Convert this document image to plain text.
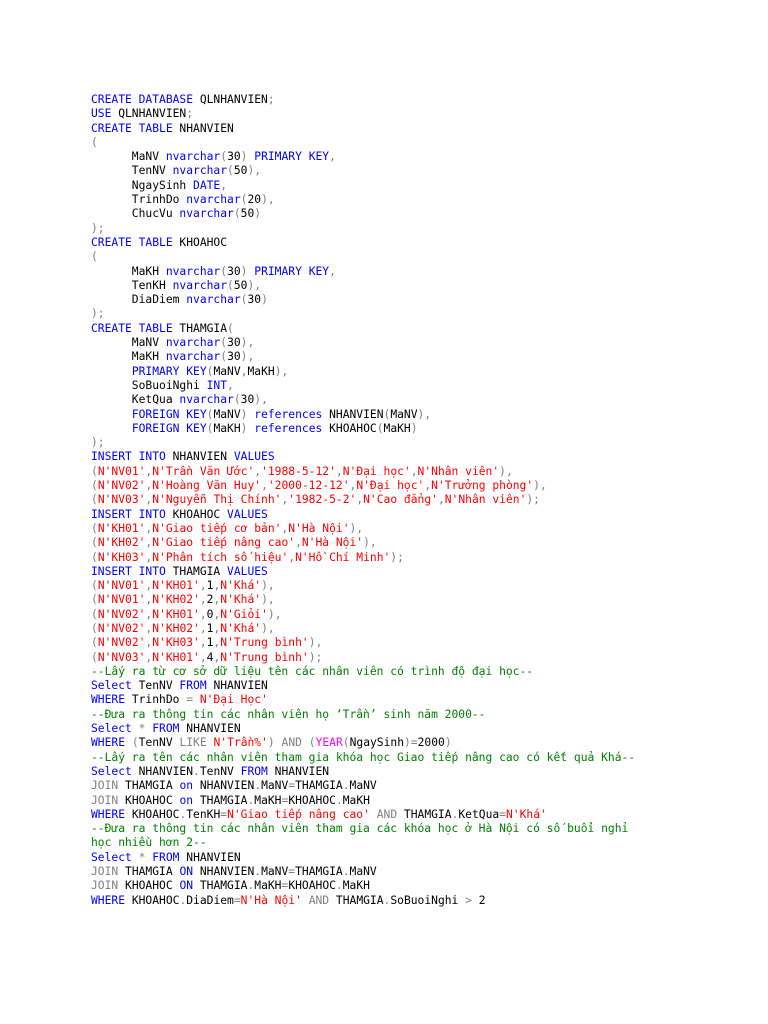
CREATE DATABASE QLNHANVIEN;
USE QLNHANVIEN;
CREATE TABLE NHANVIEN
(
MaNV nvarchar(30) PRIMARY KEY,
TenNV nvarchar(50),
NgaySinh DATE,
TrinhDo nvarchar(20),
ChucVu nvarchar(50)
);
CREATE TABLE KHOAHOC
(
MaKH nvarchar(30) PRIMARY KEY,
TenKH nvarchar(50),
DiaDiem nvarchar(30)
);
CREATE TABLE THAMGIA(
MaNV nvarchar(30),
MaKH nvarchar(30),
PRIMARY KEY(MaNV,MaKH),
SoBuoiNghi INT,
KetQua nvarchar(30),
FOREIGN KEY(MaNV) references NHANVIEN(MaNV),
FOREIGN KEY(MaKH) references KHOAHOC(MaKH)
);
INSERT INTO NHANVIEN VALUES
(N'NV01',N'Trần Văn Ước','1988-5-12',N'Đại học',N'Nhân viên'),
(N'NV02',N'Hoàng Văn Huy','2000-12-12',N'Đại học',N'Trưởng phòng'),
(N'NV03',N'Nguyễn Thị Chính','1982-5-2',N'Cao đẳng',N'Nhân viên');
INSERT INTO KHOAHOC VALUES
(N'KH01',N'Giao tiếp cơ bản',N'Hà Nội'),
(N'KH02',N'Giao tiếp nâng cao',N'Hà Nội'),
(N'KH03',N'Phân tích số hiệu',N'Hồ Chí Minh');
INSERT INTO THAMGIA VALUES
(N'NV01',N'KH01',1,N'Khá'),
(N'NV01',N'KH02',2,N'Khá'),
(N'NV02',N'KH01',0,N'Giỏi'),
(N'NV02',N'KH02',1,N'Khá'),
(N'NV02',N'KH03',1,N'Trung bình'),
(N'NV03',N'KH01',4,N'Trung bình');
--Lấy ra từ cơ sở dữ liệu tên các nhân viên có trình độ đại học--
Select TenNV FROM NHANVIEN
WHERE TrinhDo = N'Đại Học'
--Đưa ra thông tin các nhân viên họ ‘Trần’ sinh năm 2000--
Select * FROM NHANVIEN
WHERE (TenNV LIKE N'Trần%') AND (YEAR(NgaySinh)=2000)
--Lấy ra tên các nhân viên tham gia khóa học Giao tiếp nâng cao có kết quả Khá--
Select NHANVIEN.TenNV FROM NHANVIEN
JOIN THAMGIA on NHANVIEN.MaNV=THAMGIA.MaNV
JOIN KHOAHOC on THAMGIA.MaKH=KHOAHOC.MaKH
WHERE KHOAHOC.TenKH=N'Giao tiếp nâng cao' AND THAMGIA.KetQua=N'Khá'
--Đưa ra thông tin các nhân viên tham gia các khóa học ở Hà Nội có số buổi nghỉ
học nhiều hơn 2--
Select * FROM NHANVIEN
JOIN THAMGIA ON NHANVIEN.MaNV=THAMGIA.MaNV
JOIN KHOAHOC ON THAMGIA.MaKH=KHOAHOC.MaKH
WHERE KHOAHOC.DiaDiem=N'Hà Nội' AND THAMGIA.SoBuoiNghi > 2
